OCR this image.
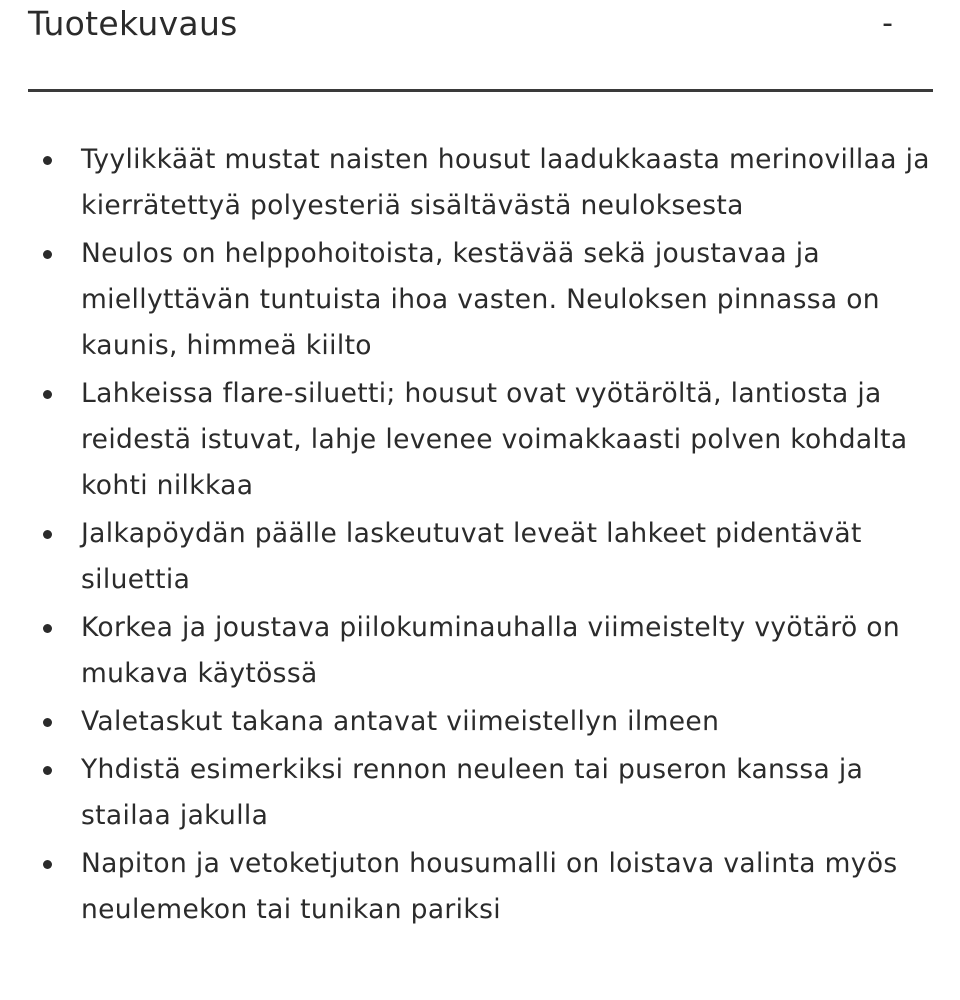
Tuotekuvaus	-
Tyylikkäät mustat naisten housut laadukkaasta merinovillaa ja kierrätettyä polyesteriä sisältävästä neuloksesta
Neulos on helppohoitoista, kestävää sekä joustavaa ja miellyttävän tuntuista ihoa vasten. Neuloksen pinnassa on kaunis, himmeä kiilto
Lahkeissa flare-siluetti; housut ovat vyötäröltä, lantiosta ja reidestä istuvat, lahje levenee voimakkaasti polven kohdalta kohti nilkkaa
Jalkapöydän päälle laskeutuvat leveät lahkeet pidentävät siluettia
Korkea ja joustava piilokuminauhalla viimeistelty vyötärö on mukava käytössä
Valetaskut takana antavat viimeistellyn ilmeen
Yhdistä esimerkiksi rennon neuleen tai puseron kanssa ja stailaa jakulla
Napiton ja vetoketjuton housumalli on loistava valinta myös neulemekon tai tunikan pariksi
